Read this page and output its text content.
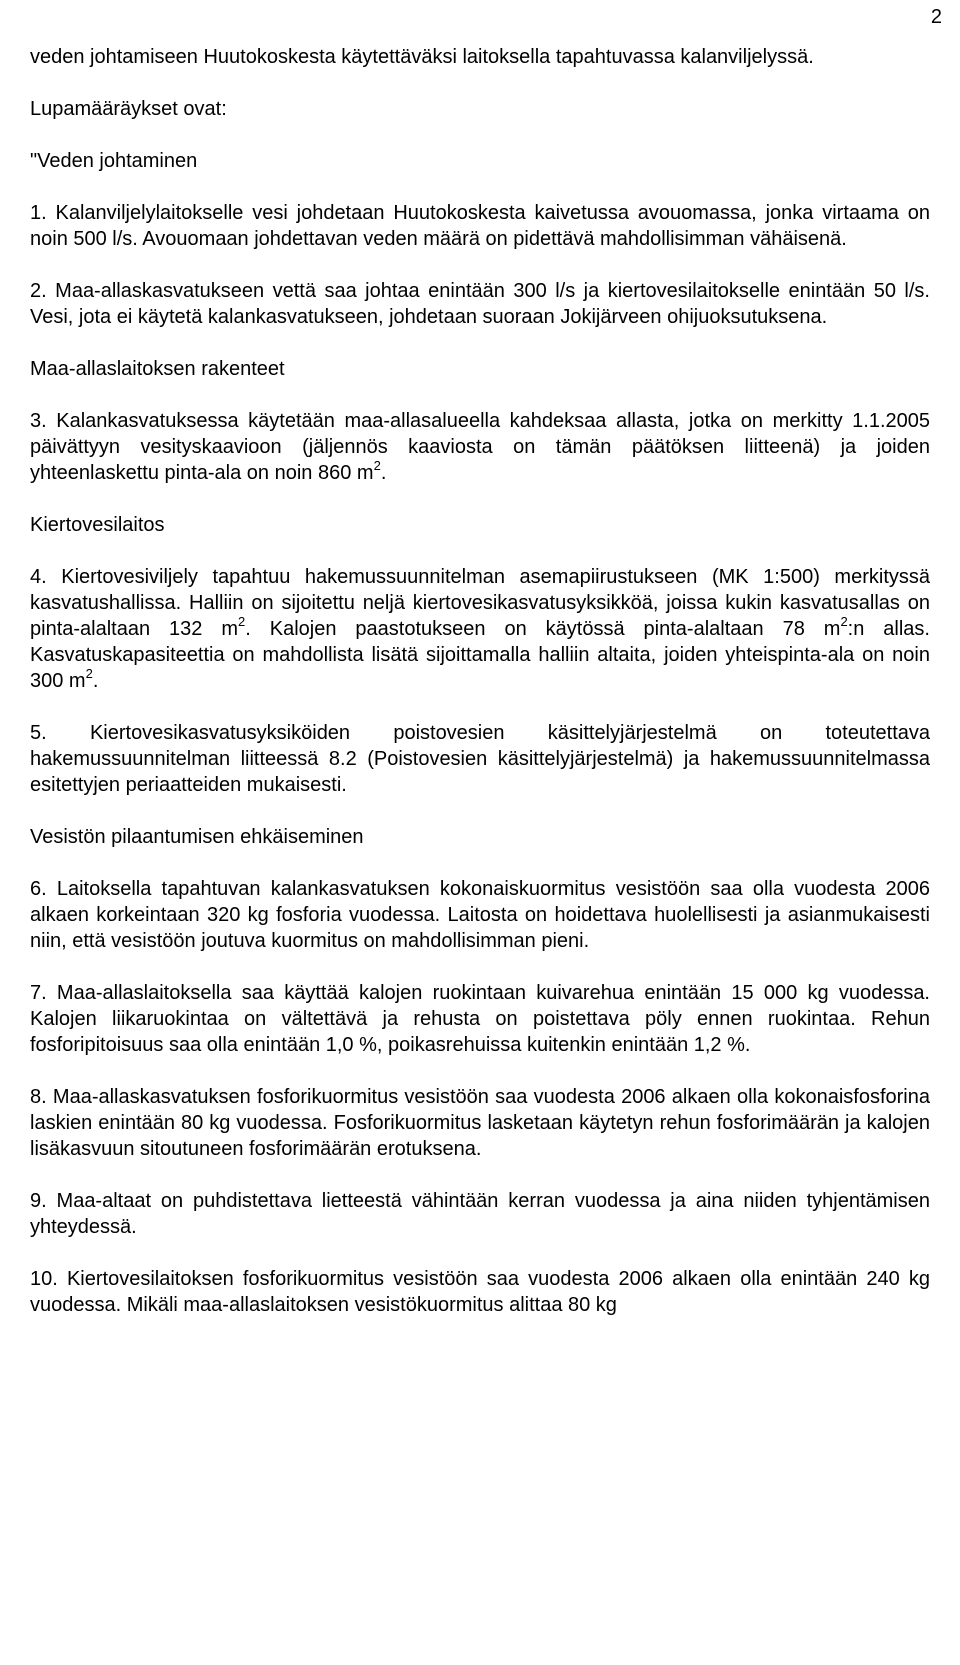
2

veden johtamiseen Huutokoskesta käytettäväksi laitoksella tapahtuvassa kalanviljelyssä.

Lupamääräykset ovat:

"Veden johtaminen

1. Kalanviljelylaitokselle vesi johdetaan Huutokoskesta kaivetussa avouomassa, jonka virtaama on noin 500 l/s. Avouomaan johdettavan veden määrä on pidettävä mahdollisimman vähäisenä.

2. Maa-allaskasvatukseen vettä saa johtaa enintään 300 l/s ja kiertovesilaitokselle enintään 50 l/s. Vesi, jota ei käytetä kalankasvatukseen, johdetaan suoraan Jokijärveen ohijuoksutuksena.

Maa-allaslaitoksen rakenteet

3. Kalankasvatuksessa käytetään maa-allasalueella kahdeksaa allasta, jotka on merkitty 1.1.2005 päivättyyn vesityskaavioon (jäljennös kaaviosta on tämän päätöksen liitteenä) ja joiden yhteenlaskettu pinta-ala on noin 860 $m^2$.

Kiertovesilaitos

4. Kiertovesiviljely tapahtuu hakemussuunnitelman asemapiirustukseen (MK 1:500) merkityssä kasvatushallissa. Halliin on sijoitettu neljä kiertovesikasvatusyksikköä, joissa kukin kasvatusallas on pinta-alaltaan 132 $m^2$. Kalojen paastotukseen on käytössä pinta-alaltaan 78 $m^2:n$ allas. Kasvatuskapasiteettia on mahdollista lisätä sijoittamalla halliin altaita, joiden yhteispinta-ala on noin 300 $m^2$.

5. Kiertovesikasvatusyksiköiden poistovesien käsittelyjärjestelmä on toteutettava hakemussuunnitelman liitteessä 8.2 (Poistovesien käsittelyjärjestelmä) ja hakemussuunnitelmassa esitettyjen periaatteiden mukaisesti.

Vesistön pilaantumisen ehkäiseminen

6. Laitoksella tapahtuvan kalankasvatuksen kokonaiskuormitus vesistöön saa olla vuodesta 2006 alkaen korkeintaan 320 kg fosforia vuodessa. Laitosta on hoidettava huolellisesti ja asianmukaisesti niin, että vesistöön joutuva kuormitus on mahdollisimman pieni.

7. Maa-allaslaitoksella saa käyttää kalojen ruokintaan kuivarehua enintään 15 000 kg vuodessa. Kalojen liikaruokintaa on vältettävä ja rehusta on poistettava pöly ennen ruokintaa. Rehun fosforipitoisuus saa olla enintään 1,0 %, poikasrehuissa kuitenkin enintään 1,2 %.

8. Maa-allaskasvatuksen fosforikuormitus vesistöön saa vuodesta 2006 alkaen olla kokonaisfosforina laskien enintään 80 kg vuodessa. Fosforikuormitus lasketaan käytetyn rehun fosforimäärän ja kalojen lisäkasvuun sitoutuneen fosforimäärän erotuksena.

9. Maa-altaat on puhdistettava lietteestä vähintään kerran vuodessa ja aina niiden tyhjentämisen yhteydessä.

10. Kiertovesilaitoksen fosforikuormitus vesistöön saa vuodesta 2006 alkaen olla enintään 240 kg vuodessa. Mikäli maa-allaslaitoksen vesistökuormitus alittaa 80 kg
